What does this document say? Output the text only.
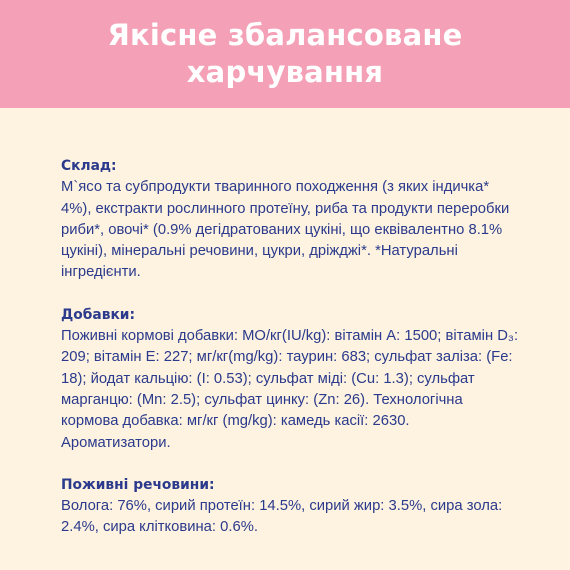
Якісне збалансоване харчування
Склад:
М`ясо та субпродукти тваринного походження (з яких індичка* 4%), екстракти рослинного протеїну, риба та продукти переробки риби*, овочі* (0.9% дегідратованих цукіні, що еквівалентно 8.1% цукіні), мінеральні речовини, цукри, дріжджі*. *Натуральні інгредієнти.
Добавки:
Поживні кормові добавки: МО/кг(IU/kg): вітамін А: 1500; вітамін D₃: 209; вітамін Е: 227; мг/кг(mg/kg): таурин: 683; сульфат заліза: (Fe: 18); йодат кальцію: (I: 0.53); сульфат міді: (Cu: 1.3); сульфат марганцю: (Mn: 2.5); сульфат цинку: (Zn: 26). Технологічна кормова добавка: мг/кг (mg/kg): камедь касії: 2630. Ароматизатори.
Поживні речовини:
Волога: 76%, сирий протеїн: 14.5%, сирий жир: 3.5%, сира зола: 2.4%, сира клітковина: 0.6%.
